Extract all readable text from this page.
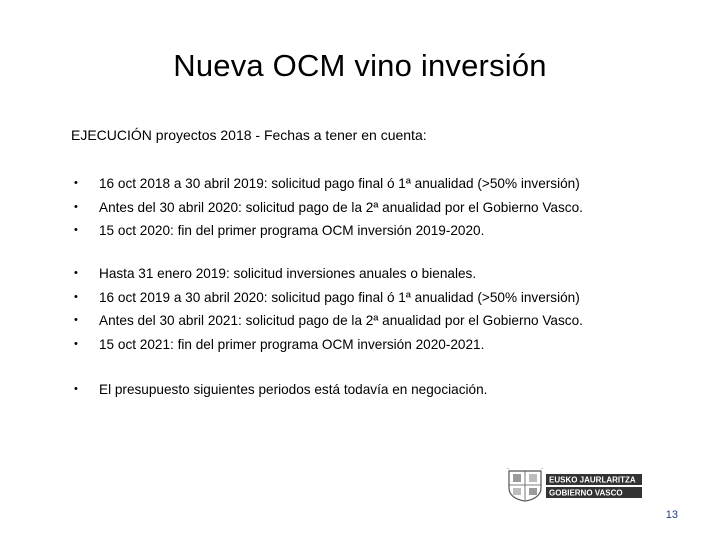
Nueva OCM vino inversión
EJECUCIÓN proyectos 2018 - Fechas a tener en cuenta:
• 16 oct 2018 a 30 abril 2019: solicitud pago final ó 1ª anualidad (>50% inversión)
• Antes del 30 abril 2020: solicitud pago de la 2ª anualidad por el Gobierno Vasco.
• 15 oct 2020: fin del primer programa OCM inversión 2019-2020.
• Hasta 31 enero 2019: solicitud inversiones anuales o bienales.
• 16 oct 2019 a 30 abril 2020: solicitud pago final ó 1ª anualidad (>50% inversión)
• Antes del 30 abril 2021: solicitud pago de la 2ª anualidad por el Gobierno Vasco.
• 15 oct 2021: fin del primer programa OCM inversión 2020-2021.
• El presupuesto siguientes periodos está todavía en negociación.
EUSKO JAURLARITZA
GOBIERNO VASCO
13
